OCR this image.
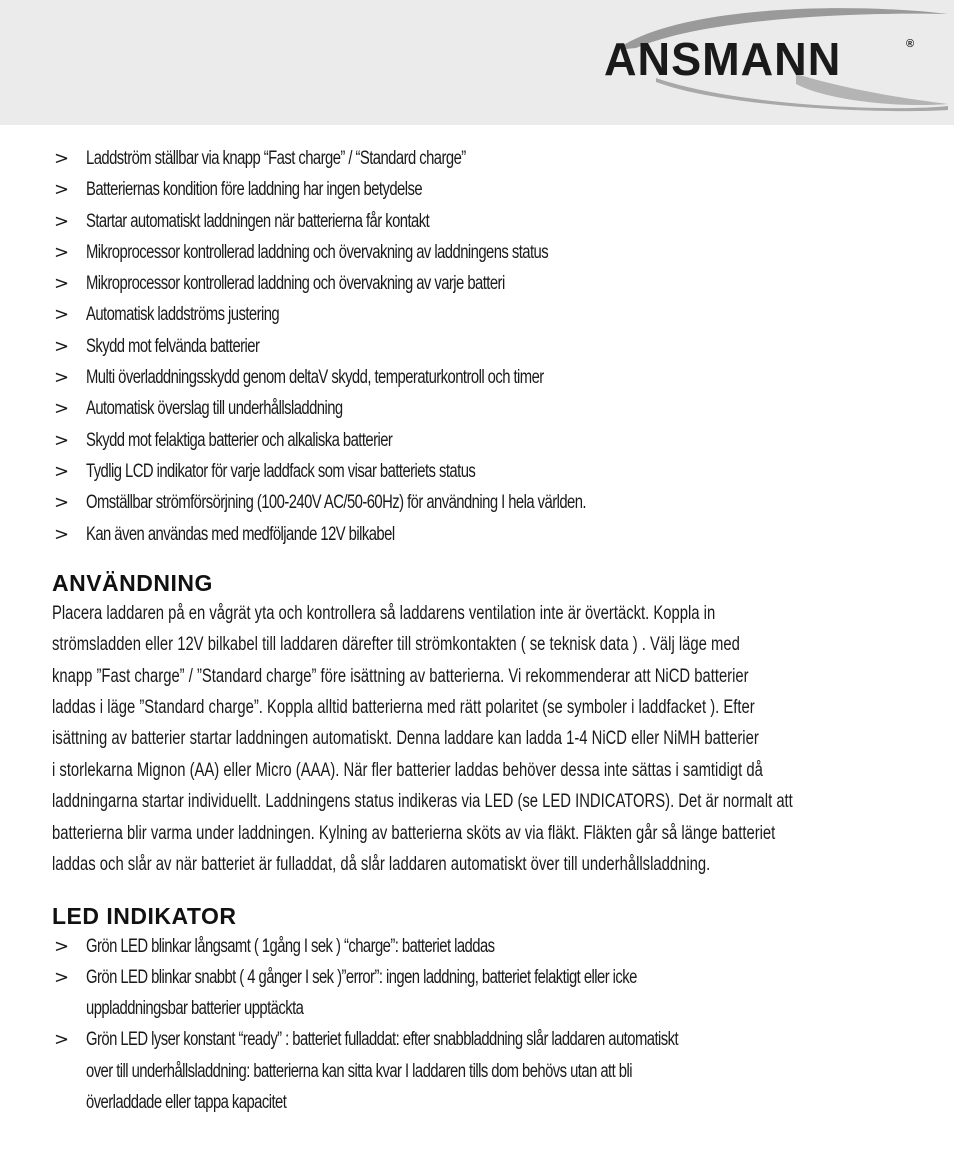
ANSMANN	®
> Laddström ställbar via knapp “Fast charge” / “Standard charge”
> Batteriernas kondition före laddning har ingen betydelse
> Startar automatiskt laddningen när batterierna får kontakt
> Mikroprocessor kontrollerad laddning och övervakning av laddningens status
> Mikroprocessor kontrollerad laddning och övervakning av varje batteri
> Automatisk laddströms justering
> Skydd mot felvända batterier
> Multi överladdningsskydd genom deltaV skydd, temperaturkontroll och timer
> Automatisk överslag till underhållsladdning
> Skydd mot felaktiga batterier och alkaliska batterier
> Tydlig LCD indikator för varje laddfack som visar batteriets status
> Omställbar strömförsörjning (100-240V AC/50-60Hz) för användning I hela världen.
> Kan även användas med medföljande 12V bilkabel
ANVÄNDNING
Placera laddaren på en vågrät yta och kontrollera så laddarens ventilation inte är övertäckt. Koppla in
strömsladden eller 12V bilkabel till laddaren därefter till strömkontakten ( se teknisk data ) . Välj läge med
knapp ”Fast charge” / ”Standard charge” före isättning av batterierna. Vi rekommenderar att NiCD batterier
laddas i läge ”Standard charge”. Koppla alltid batterierna med rätt polaritet (se symboler i laddfacket ). Efter
isättning av batterier startar laddningen automatiskt. Denna laddare kan ladda 1-4 NiCD eller NiMH batterier
i storlekarna Mignon (AA) eller Micro (AAA). När fler batterier laddas behöver dessa inte sättas i samtidigt då
laddningarna startar individuellt. Laddningens status indikeras via LED (se LED INDICATORS). Det är normalt att
batterierna blir varma under laddningen. Kylning av batterierna sköts av via fläkt. Fläkten går så länge batteriet
laddas och slår av när batteriet är fulladdat, då slår laddaren automatiskt över till underhållsladdning.
LED INDIKATOR
> Grön LED blinkar långsamt ( 1gång I sek ) “charge”: batteriet laddas
> Grön LED blinkar snabbt ( 4 gånger I sek )”error”: ingen laddning, batteriet felaktigt eller icke
uppladdningsbar batterier upptäckta
> Grön LED lyser konstant “ready” : batteriet fulladdat: efter snabbladdning slår laddaren automatiskt
over till underhållsladdning: batterierna kan sitta kvar I laddaren tills dom behövs utan att bli
överladdade eller tappa kapacitet
